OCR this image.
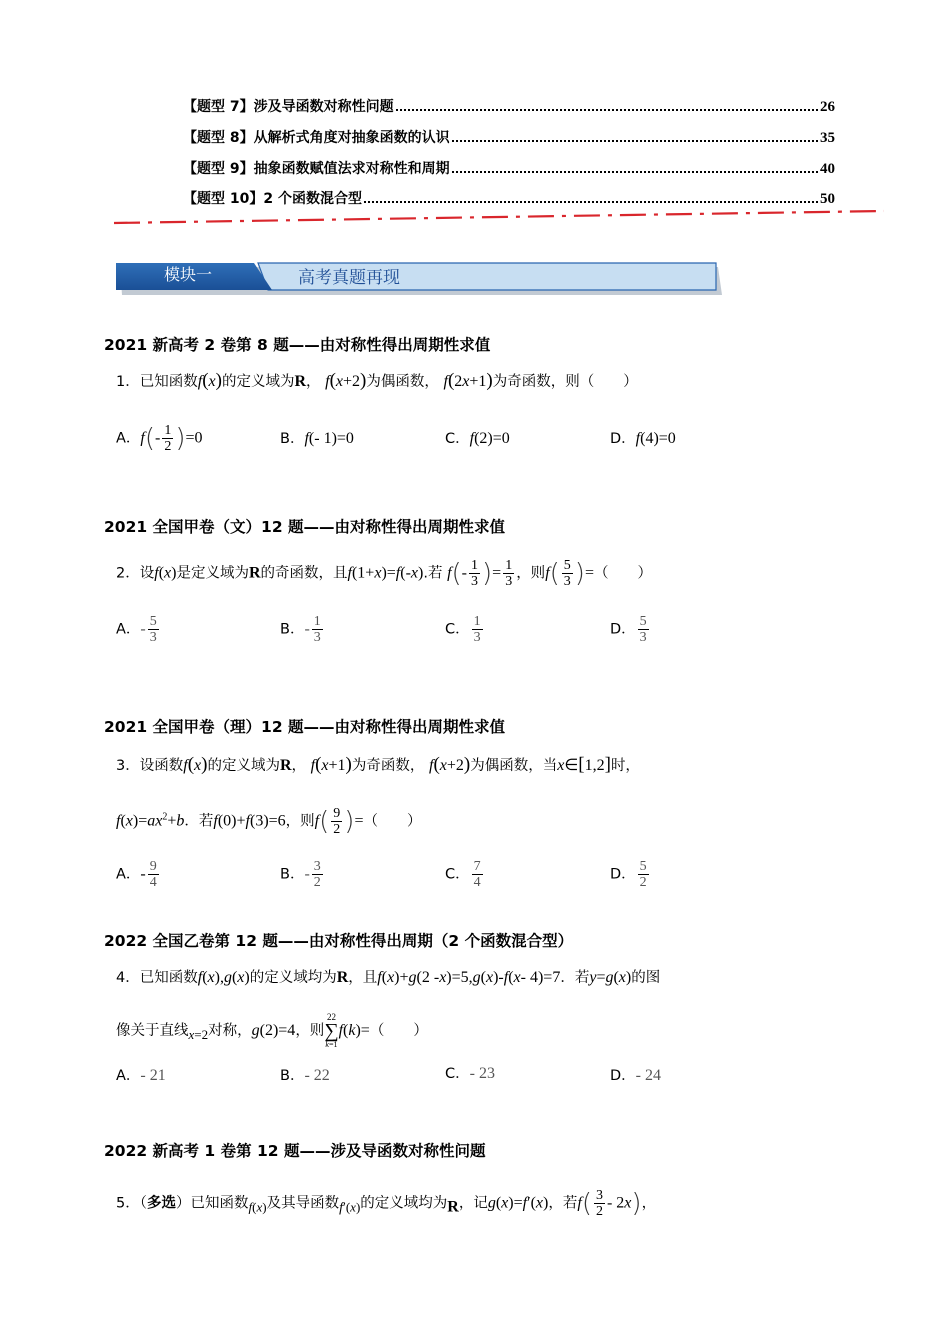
【题型 7】涉及导函数对称性问题	26
【题型 8】从解析式角度对抽象函数的认识	35
【题型 9】抽象函数赋值法求对称性和周期	40
【题型 10】2 个函数混合型	50
模块一	高考真题再现
2021 新高考 2 卷第 8 题——由对称性得出周期性求值
1．已知函数f(x)的定义域为R， f(x+2)为偶函数， f(2x+1)为奇函数，则（　　）
A．$f(- \frac{1}{2} )=0$	B．f(- 1)=0	C．f(2)=0	D．f(4)=0
2021 全国甲卷（文）12 题——由对称性得出周期性求值
2．设f(x)是定义域为R的奇函数，且f(1+x)=f(-x).若 $f(- \frac{1}{3}$ )= $\frac{1}{3}$ ，则$f( \frac{5}{3}$ )=（　　）
A．- $\frac{5}{3}$	B．- $\frac{1}{3}$	C． $\frac{1}{3}$	D． $\frac{5}{3}$
2021 全国甲卷（理）12 题——由对称性得出周期性求值
3．设函数f(x)的定义域为R， f(x+1)为奇函数， f(x+2)为偶函数，当x∈[1,2]时，
$f(x)=ax^2+b$．若f(0)+f(3)=6，则$f( \frac{9}{2}$ )=（　　）
A．- $\frac{9}{4}$	B．- $\frac{3}{2}$	C． $\frac{7}{4}$	D． $\frac{5}{2}$
2022 全国乙卷第 12 题——由对称性得出周期（2 个函数混合型）
4．已知函数f(x),g(x)的定义域均为R，且f(x)+g(2 -x)=5,g(x)-f(x- 4)=7．若y=g(x)的图
像关于直线$_{x=2}$对称，g(2)=4，则
22
∑
k=1
f(k)=（　　）
A．- 21	B．- 22	C．- 23	D．- 24
2022 新高考 1 卷第 12 题——涉及导函数对称性问题
5．（多选）已知函数$_{f(x)}$及其导函数$_{f'(x)}$的定义域均为$_R$，记g(x)=f′(x)，若$f( \frac{3}{2} - 2x)$，
